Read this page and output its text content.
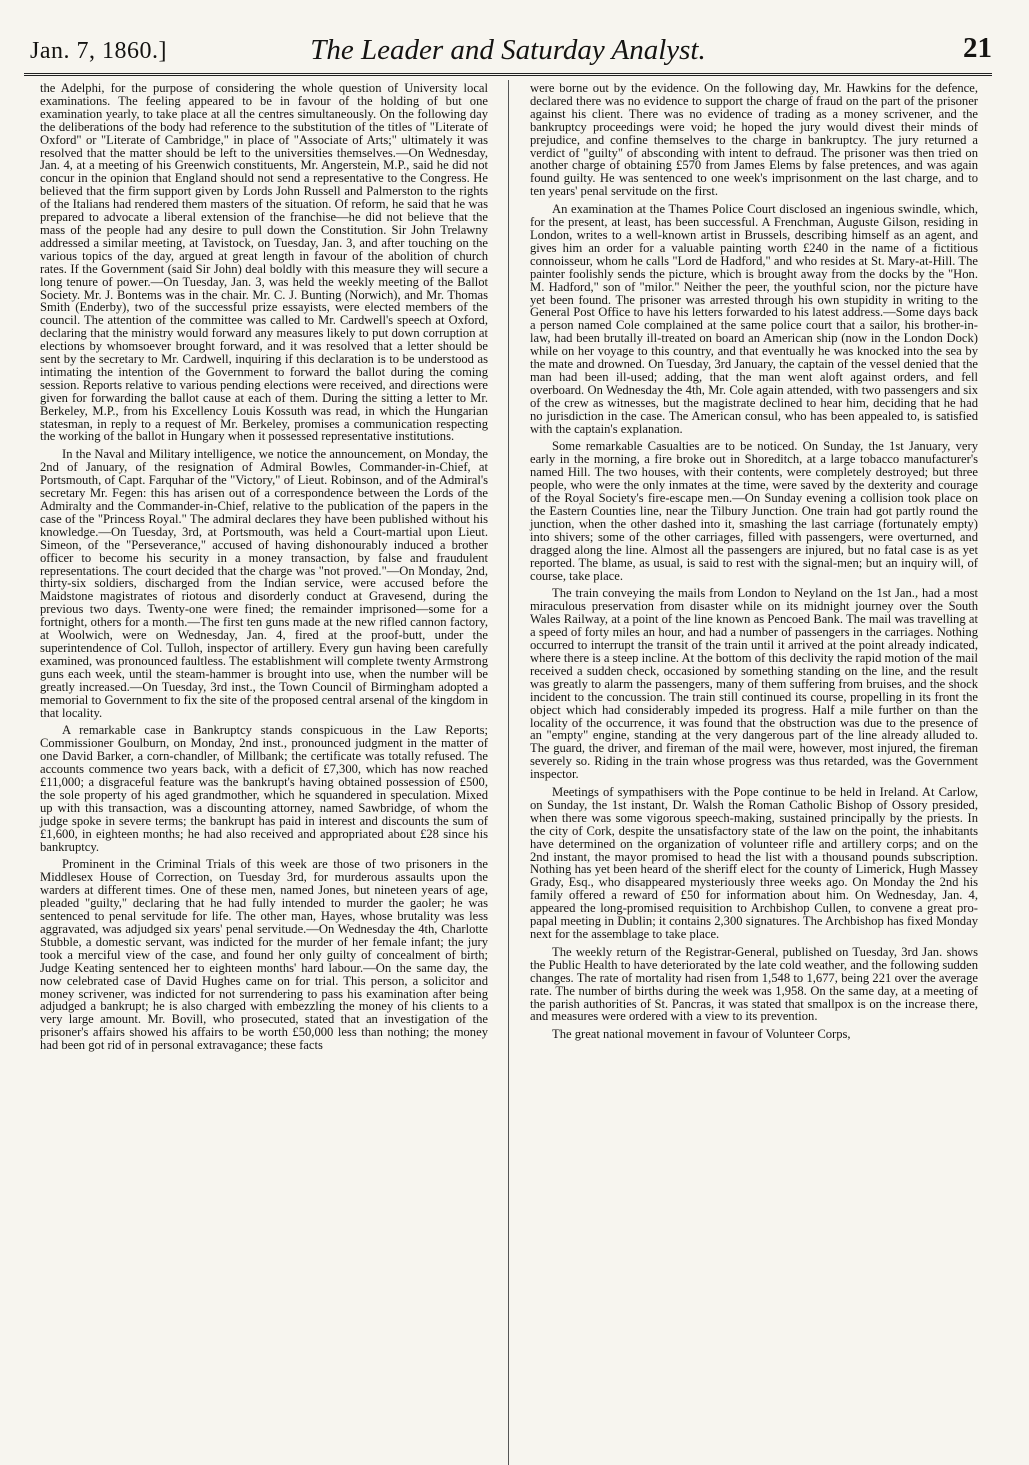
Jan. 7, 1860.]	The Leader and Saturday Analyst.	21

the Adelphi, for the purpose of considering the whole question of University local examinations. The feeling appeared to be in favour of the holding of but one examination yearly, to take place at all the centres simultaneously. On the following day the deliberations of the body had reference to the substitution of the titles of "Literate of Oxford" or "Literate of Cambridge," in place of "Associate of Arts;" ultimately it was resolved that the matter should be left to the universities themselves.—On Wednesday, Jan. 4, at a meeting of his Greenwich constituents, Mr. Angerstein, M.P., said he did not concur in the opinion that England should not send a representative to the Congress. He believed that the firm support given by Lords John Russell and Palmerston to the rights of the Italians had rendered them masters of the situation. Of reform, he said that he was prepared to advocate a liberal extension of the franchise—he did not believe that the mass of the people had any desire to pull down the Constitution. Sir John Trelawny addressed a similar meeting, at Tavistock, on Tuesday, Jan. 3, and after touching on the various topics of the day, argued at great length in favour of the abolition of church rates. If the Government (said Sir John) deal boldly with this measure they will secure a long tenure of power.—On Tuesday, Jan. 3, was held the weekly meeting of the Ballot Society. Mr. J. Bontems was in the chair. Mr. C. J. Bunting (Norwich), and Mr. Thomas Smith (Enderby), two of the successful prize essayists, were elected members of the council. The attention of the committee was called to Mr. Cardwell's speech at Oxford, declaring that the ministry would forward any measures likely to put down corruption at elections by whomsoever brought forward, and it was resolved that a letter should be sent by the secretary to Mr. Cardwell, inquiring if this declaration is to be understood as intimating the intention of the Government to forward the ballot during the coming session. Reports relative to various pending elections were received, and directions were given for forwarding the ballot cause at each of them. During the sitting a letter to Mr. Berkeley, M.P., from his Excellency Louis Kossuth was read, in which the Hungarian statesman, in reply to a request of Mr. Berkeley, promises a communication respecting the working of the ballot in Hungary when it possessed representative institutions.

In the Naval and Military intelligence, we notice the announcement, on Monday, the 2nd of January, of the resignation of Admiral Bowles, Commander-in-Chief, at Portsmouth, of Capt. Farquhar of the "Victory," of Lieut. Robinson, and of the Admiral's secretary Mr. Fegen: this has arisen out of a correspondence between the Lords of the Admiralty and the Commander-in-Chief, relative to the publication of the papers in the case of the "Princess Royal." The admiral declares they have been published without his knowledge.—On Tuesday, 3rd, at Portsmouth, was held a Court-martial upon Lieut. Simeon, of the "Perseverance," accused of having dishonourably induced a brother officer to become his security in a money transaction, by false and fraudulent representations. The court decided that the charge was "not proved."—On Monday, 2nd, thirty-six soldiers, discharged from the Indian service, were accused before the Maidstone magistrates of riotous and disorderly conduct at Gravesend, during the previous two days. Twenty-one were fined; the remainder imprisoned—some for a fortnight, others for a month.—The first ten guns made at the new rifled cannon factory, at Woolwich, were on Wednesday, Jan. 4, fired at the proof-butt, under the superintendence of Col. Tulloh, inspector of artillery. Every gun having been carefully examined, was pronounced faultless. The establishment will complete twenty Armstrong guns each week, until the steam-hammer is brought into use, when the number will be greatly increased.—On Tuesday, 3rd inst., the Town Council of Birmingham adopted a memorial to Government to fix the site of the proposed central arsenal of the kingdom in that locality.

A remarkable case in Bankruptcy stands conspicuous in the Law Reports; Commissioner Goulburn, on Monday, 2nd inst., pronounced judgment in the matter of one David Barker, a corn-chandler, of Millbank; the certificate was totally refused. The accounts commence two years back, with a deficit of £7,300, which has now reached £11,000; a disgraceful feature was the bankrupt's having obtained possession of £500, the sole property of his aged grandmother, which he squandered in speculation. Mixed up with this transaction, was a discounting attorney, named Sawbridge, of whom the judge spoke in severe terms; the bankrupt has paid in interest and discounts the sum of £1,600, in eighteen months; he had also received and appropriated about £28 since his bankruptcy.

Prominent in the Criminal Trials of this week are those of two prisoners in the Middlesex House of Correction, on Tuesday 3rd, for murderous assaults upon the warders at different times. One of these men, named Jones, but nineteen years of age, pleaded "guilty," declaring that he had fully intended to murder the gaoler; he was sentenced to penal servitude for life. The other man, Hayes, whose brutality was less aggravated, was adjudged six years' penal servitude.—On Wednesday the 4th, Charlotte Stubble, a domestic servant, was indicted for the murder of her female infant; the jury took a merciful view of the case, and found her only guilty of concealment of birth; Judge Keating sentenced her to eighteen months' hard labour.—On the same day, the now celebrated case of David Hughes came on for trial. This person, a solicitor and money scrivener, was indicted for not surrendering to pass his examination after being adjudged a bankrupt; he is also charged with embezzling the money of his clients to a very large amount. Mr. Bovill, who prosecuted, stated that an investigation of the prisoner's affairs showed his affairs to be worth £50,000 less than nothing; the money had been got rid of in personal extravagance; these facts

were borne out by the evidence. On the following day, Mr. Hawkins for the defence, declared there was no evidence to support the charge of fraud on the part of the prisoner against his client. There was no evidence of trading as a money scrivener, and the bankruptcy proceedings were void; he hoped the jury would divest their minds of prejudice, and confine themselves to the charge in bankruptcy. The jury returned a verdict of "guilty" of absconding with intent to defraud. The prisoner was then tried on another charge of obtaining £570 from James Elems by false pretences, and was again found guilty. He was sentenced to one week's imprisonment on the last charge, and to ten years' penal servitude on the first.

An examination at the Thames Police Court disclosed an ingenious swindle, which, for the present, at least, has been successful. A Frenchman, Auguste Gilson, residing in London, writes to a well-known artist in Brussels, describing himself as an agent, and gives him an order for a valuable painting worth £240 in the name of a fictitious connoisseur, whom he calls "Lord de Hadford," and who resides at St. Mary-at-Hill. The painter foolishly sends the picture, which is brought away from the docks by the "Hon. M. Hadford," son of "milor." Neither the peer, the youthful scion, nor the picture have yet been found. The prisoner was arrested through his own stupidity in writing to the General Post Office to have his letters forwarded to his latest address.—Some days back a person named Cole complained at the same police court that a sailor, his brother-in-law, had been brutally ill-treated on board an American ship (now in the London Dock) while on her voyage to this country, and that eventually he was knocked into the sea by the mate and drowned. On Tuesday, 3rd January, the captain of the vessel denied that the man had been ill-used; adding, that the man went aloft against orders, and fell overboard. On Wednesday the 4th, Mr. Cole again attended, with two passengers and six of the crew as witnesses, but the magistrate declined to hear him, deciding that he had no jurisdiction in the case. The American consul, who has been appealed to, is satisfied with the captain's explanation.

Some remarkable Casualties are to be noticed. On Sunday, the 1st January, very early in the morning, a fire broke out in Shoreditch, at a large tobacco manufacturer's named Hill. The two houses, with their contents, were completely destroyed; but three people, who were the only inmates at the time, were saved by the dexterity and courage of the Royal Society's fire-escape men.—On Sunday evening a collision took place on the Eastern Counties line, near the Tilbury Junction. One train had got partly round the junction, when the other dashed into it, smashing the last carriage (fortunately empty) into shivers; some of the other carriages, filled with passengers, were overturned, and dragged along the line. Almost all the passengers are injured, but no fatal case is as yet reported. The blame, as usual, is said to rest with the signal-men; but an inquiry will, of course, take place.

The train conveying the mails from London to Neyland on the 1st Jan., had a most miraculous preservation from disaster while on its midnight journey over the South Wales Railway, at a point of the line known as Pencoed Bank. The mail was travelling at a speed of forty miles an hour, and had a number of passengers in the carriages. Nothing occurred to interrupt the transit of the train until it arrived at the point already indicated, where there is a steep incline. At the bottom of this declivity the rapid motion of the mail received a sudden check, occasioned by something standing on the line, and the result was greatly to alarm the passengers, many of them suffering from bruises, and the shock incident to the concussion. The train still continued its course, propelling in its front the object which had considerably impeded its progress. Half a mile further on than the locality of the occurrence, it was found that the obstruction was due to the presence of an "empty" engine, standing at the very dangerous part of the line already alluded to. The guard, the driver, and fireman of the mail were, however, most injured, the fireman severely so. Riding in the train whose progress was thus retarded, was the Government inspector.

Meetings of sympathisers with the Pope continue to be held in Ireland. At Carlow, on Sunday, the 1st instant, Dr. Walsh the Roman Catholic Bishop of Ossory presided, when there was some vigorous speech-making, sustained principally by the priests. In the city of Cork, despite the unsatisfactory state of the law on the point, the inhabitants have determined on the organization of volunteer rifle and artillery corps; and on the 2nd instant, the mayor promised to head the list with a thousand pounds subscription. Nothing has yet been heard of the sheriff elect for the county of Limerick, Hugh Massey Grady, Esq., who disappeared mysteriously three weeks ago. On Monday the 2nd his family offered a reward of £50 for information about him. On Wednesday, Jan. 4, appeared the long-promised requisition to Archbishop Cullen, to convene a great pro-papal meeting in Dublin; it contains 2,300 signatures. The Archbishop has fixed Monday next for the assemblage to take place.

The weekly return of the Registrar-General, published on Tuesday, 3rd Jan. shows the Public Health to have deteriorated by the late cold weather, and the following sudden changes. The rate of mortality had risen from 1,548 to 1,677, being 221 over the average rate. The number of births during the week was 1,958. On the same day, at a meeting of the parish authorities of St. Pancras, it was stated that smallpox is on the increase there, and measures were ordered with a view to its prevention.

The great national movement in favour of Volunteer Corps,
